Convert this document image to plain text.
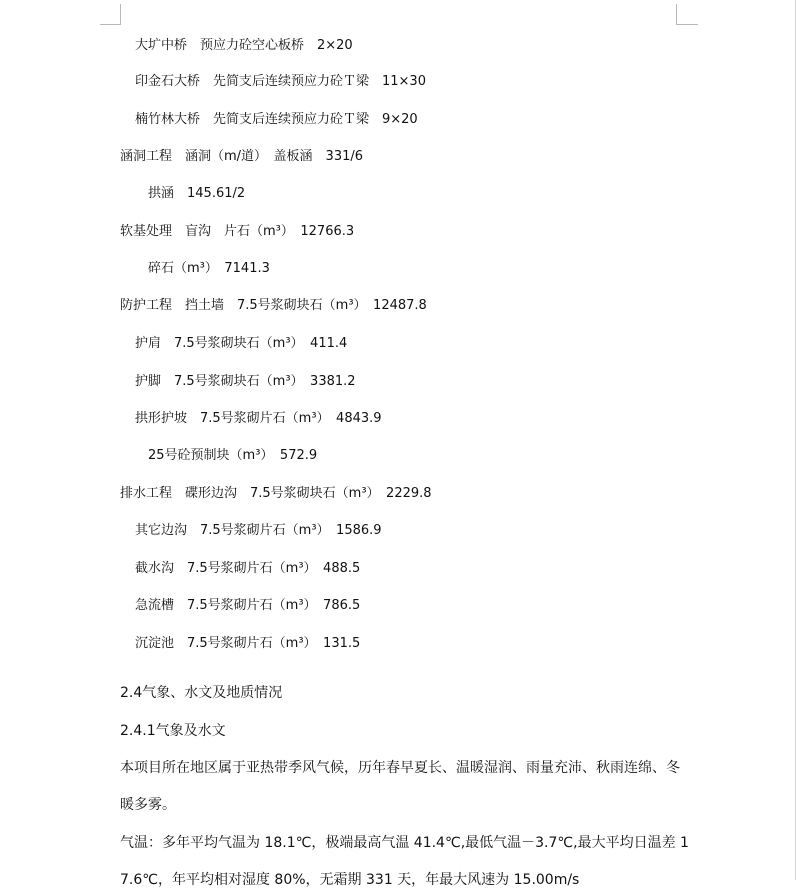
大圹中桥　预应力砼空心板桥　2×20
印金石大桥　先简支后连续预应力砼Ｔ梁　11×30
楠竹林大桥　先简支后连续预应力砼Ｔ梁　9×20
涵洞工程　涵洞（m/道）　盖板涵　331/6
拱涵　145.61/2
软基处理　盲沟　片石（m³）　12766.3
碎石（m³）　7141.3
防护工程　挡土墙　7.5号浆砌块石（m³）　12487.8
护肩　7.5号浆砌块石（m³）　411.4
护脚　7.5号浆砌块石（m³）　3381.2
拱形护坡　7.5号浆砌片石（m³）　4843.9
25号砼预制块（m³）　572.9
排水工程　碟形边沟　7.5号浆砌块石（m³）　2229.8
其它边沟　7.5号浆砌片石（m³）　1586.9
截水沟　7.5号浆砌片石（m³）　488.5
急流槽　7.5号浆砌片石（m³）　786.5
沉淀池　7.5号浆砌片石（m³）　131.5
2.4气象、水文及地质情况
2.4.1气象及水文
本项目所在地区属于亚热带季风气候，历年春早夏长、温暖湿润、雨量充沛、秋雨连绵、冬
暖多雾。
气温：多年平均气温为 18.1℃，极端最高气温 41.4℃,最低气温－3.7℃,最大平均日温差 1
7.6℃，年平均相对湿度 80%，无霜期 331 天，年最大风速为 15.00m/s
